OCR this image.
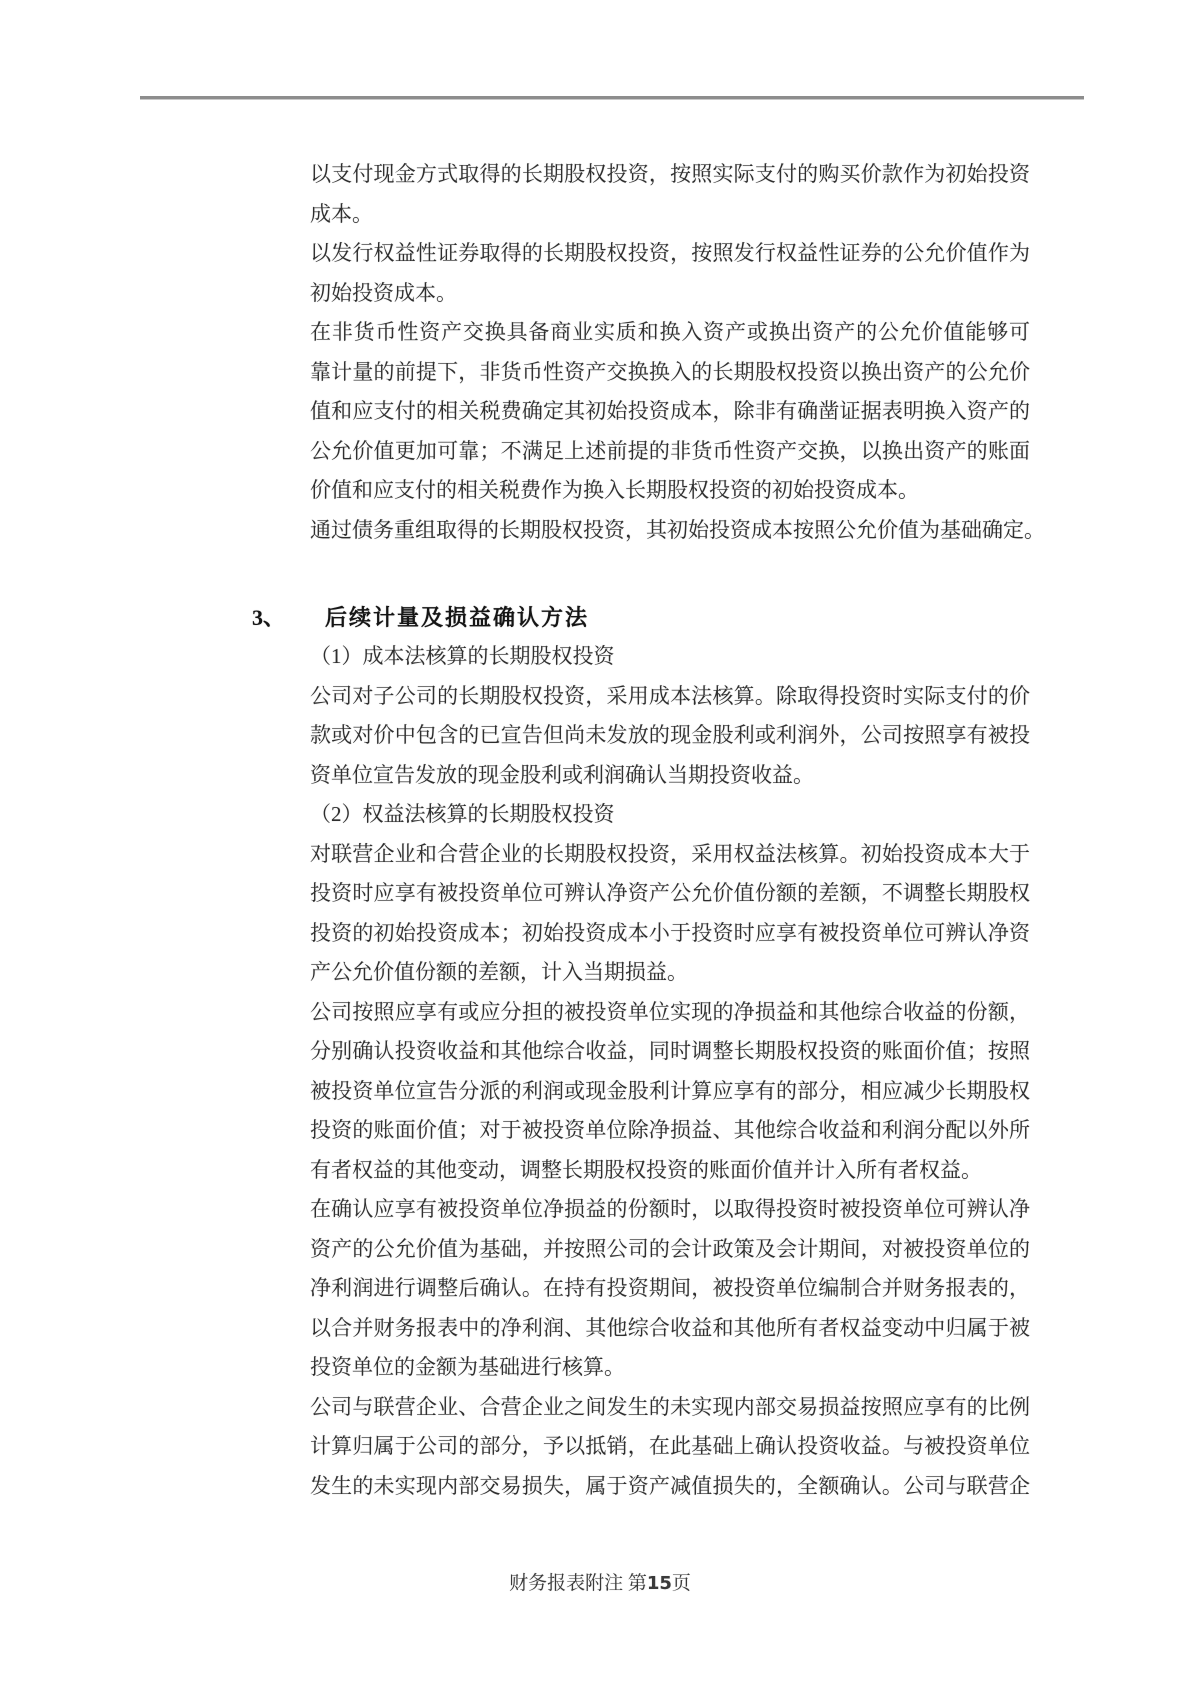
以支付现金方式取得的长期股权投资，按照实际支付的购买价款作为初始投资
成本。
以发行权益性证券取得的长期股权投资，按照发行权益性证券的公允价值作为
初始投资成本。
在非货币性资产交换具备商业实质和换入资产或换出资产的公允价值能够可
靠计量的前提下，非货币性资产交换换入的长期股权投资以换出资产的公允价
值和应支付的相关税费确定其初始投资成本，除非有确凿证据表明换入资产的
公允价值更加可靠；不满足上述前提的非货币性资产交换，以换出资产的账面
价值和应支付的相关税费作为换入长期股权投资的初始投资成本。
通过债务重组取得的长期股权投资，其初始投资成本按照公允价值为基础确定。
3、	后续计量及损益确认方法
（1）成本法核算的长期股权投资
公司对子公司的长期股权投资，采用成本法核算。除取得投资时实际支付的价
款或对价中包含的已宣告但尚未发放的现金股利或利润外，公司按照享有被投
资单位宣告发放的现金股利或利润确认当期投资收益。
（2）权益法核算的长期股权投资
对联营企业和合营企业的长期股权投资，采用权益法核算。初始投资成本大于
投资时应享有被投资单位可辨认净资产公允价值份额的差额，不调整长期股权
投资的初始投资成本；初始投资成本小于投资时应享有被投资单位可辨认净资
产公允价值份额的差额，计入当期损益。
公司按照应享有或应分担的被投资单位实现的净损益和其他综合收益的份额，
分别确认投资收益和其他综合收益，同时调整长期股权投资的账面价值；按照
被投资单位宣告分派的利润或现金股利计算应享有的部分，相应减少长期股权
投资的账面价值；对于被投资单位除净损益、其他综合收益和利润分配以外所
有者权益的其他变动，调整长期股权投资的账面价值并计入所有者权益。
在确认应享有被投资单位净损益的份额时，以取得投资时被投资单位可辨认净
资产的公允价值为基础，并按照公司的会计政策及会计期间，对被投资单位的
净利润进行调整后确认。在持有投资期间，被投资单位编制合并财务报表的，
以合并财务报表中的净利润、其他综合收益和其他所有者权益变动中归属于被
投资单位的金额为基础进行核算。
公司与联营企业、合营企业之间发生的未实现内部交易损益按照应享有的比例
计算归属于公司的部分，予以抵销，在此基础上确认投资收益。与被投资单位
发生的未实现内部交易损失，属于资产减值损失的，全额确认。公司与联营企
财务报表附注 第15页
